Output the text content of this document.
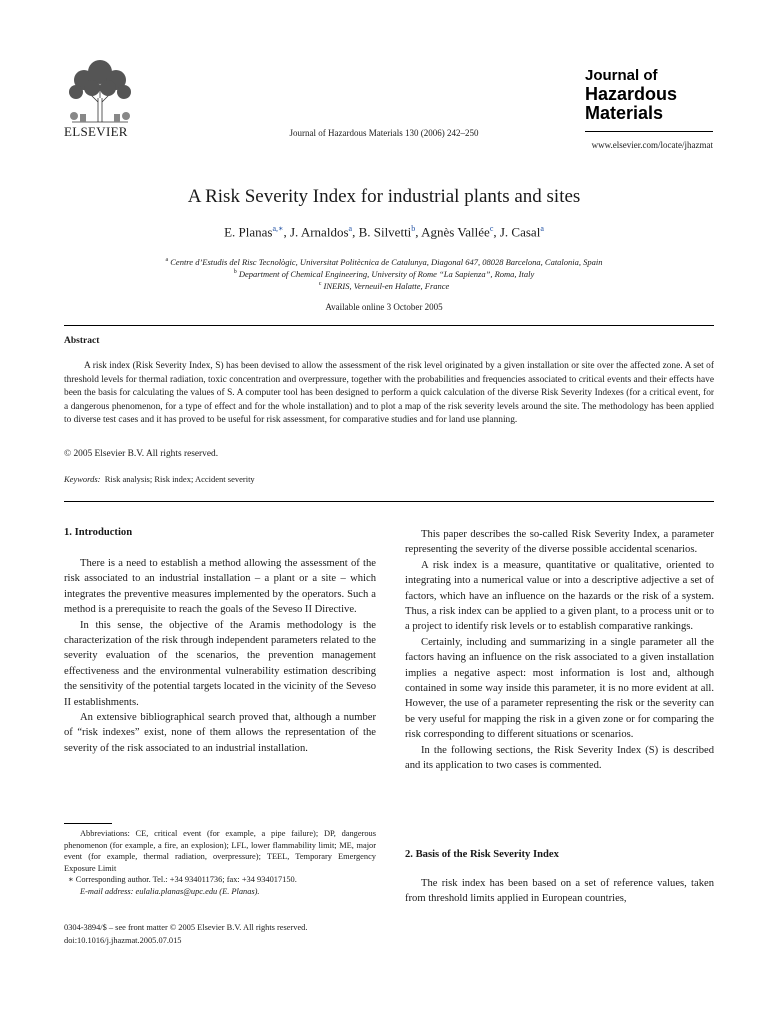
ELSEVIER	Journal of Hazardous Materials 130 (2006) 242–250
Journal of
Hazardous
Materials
www.elsevier.com/locate/jhazmat
A Risk Severity Index for industrial plants and sites
E. Planas$^{a,∗}$, J. Arnaldos$^a$, B. Silvetti$^b$, Agnès Vallée$^c$, J. Casal$^a$
$^a$ Centre d’Estudis del Risc Tecnològic, Universitat Politècnica de Catalunya, Diagonal 647, 08028 Barcelona, Catalonia, Spain
$^b$ Department of Chemical Engineering, University of Rome “La Sapienza”, Roma, Italy
$^c$ INERIS, Verneuil-en Halatte, France
Available online 3 October 2005
Abstract
A risk index (Risk Severity Index, S) has been devised to allow the assessment of the risk level originated by a given installation or site over the affected zone. A set of threshold levels for thermal radiation, toxic concentration and overpressure, together with the probabilities and frequencies associated to critical events and their effects have been the basis for calculating the values of S. A computer tool has been designed to perform a quick calculation of the diverse Risk Severity Indexes (for a critical event, for a dangerous phenomenon, for a type of effect and for the whole installation) and to plot a map of the risk severity levels around the site. The methodology has been applied to diverse test cases and it has proved to be useful for risk assessment, for comparative studies and for land use planning.
© 2005 Elsevier B.V. All rights reserved.
Keywords: Risk analysis; Risk index; Accident severity
1. Introduction

There is a need to establish a method allowing the assessment of the risk associated to an industrial installation – a plant or a site – which integrates the preventive measures implemented by the operators. Such a method is a prerequisite to reach the goals of the Seveso II Directive.

In this sense, the objective of the Aramis methodology is the characterization of the risk through independent parameters related to the severity evaluation of the scenarios, the prevention management effectiveness and the environmental vulnerability estimation describing the sensitivity of the potential targets located in the vicinity of the Seveso II establishments.

An extensive bibliographical search proved that, although a number of “risk indexes” exist, none of them allows the representation of the severity of the risk associated to an industrial installation.

Abbreviations: CE, critical event (for example, a pipe failure); DP, dangerous phenomenon (for example, a fire, an explosion); LFL, lower flammability limit; ME, major event (for example, thermal radiation, overpressure); TEEL, Temporary Emergency Exposure Limit

∗ Corresponding author. Tel.: +34 934011736; fax: +34 934017150.

E-mail address: eulalia.planas@upc.edu (E. Planas).

0304-3894/$ – see front matter © 2005 Elsevier B.V. All rights reserved.
doi:10.1016/j.jhazmat.2005.07.015

This paper describes the so-called Risk Severity Index, a parameter representing the severity of the diverse possible accidental scenarios.

A risk index is a measure, quantitative or qualitative, oriented to integrating into a numerical value or into a descriptive adjective a set of factors, which have an influence on the hazards or the risk of a system. Thus, a risk index can be applied to a given plant, to a process unit or to a project to identify risk levels or to establish comparative rankings.

Certainly, including and summarizing in a single parameter all the factors having an influence on the risk associated to a given installation implies a negative aspect: most information is lost and, although contained in some way inside this parameter, it is no more evident at all. However, the use of a parameter representing the risk or the severity can be very useful for mapping the risk in a given zone or for comparing the risk corresponding to different situations or scenarios.

In the following sections, the Risk Severity Index (S) is described and its application to two cases is commented.

2. Basis of the Risk Severity Index

The risk index has been based on a set of reference values, taken from threshold limits applied in European countries,
